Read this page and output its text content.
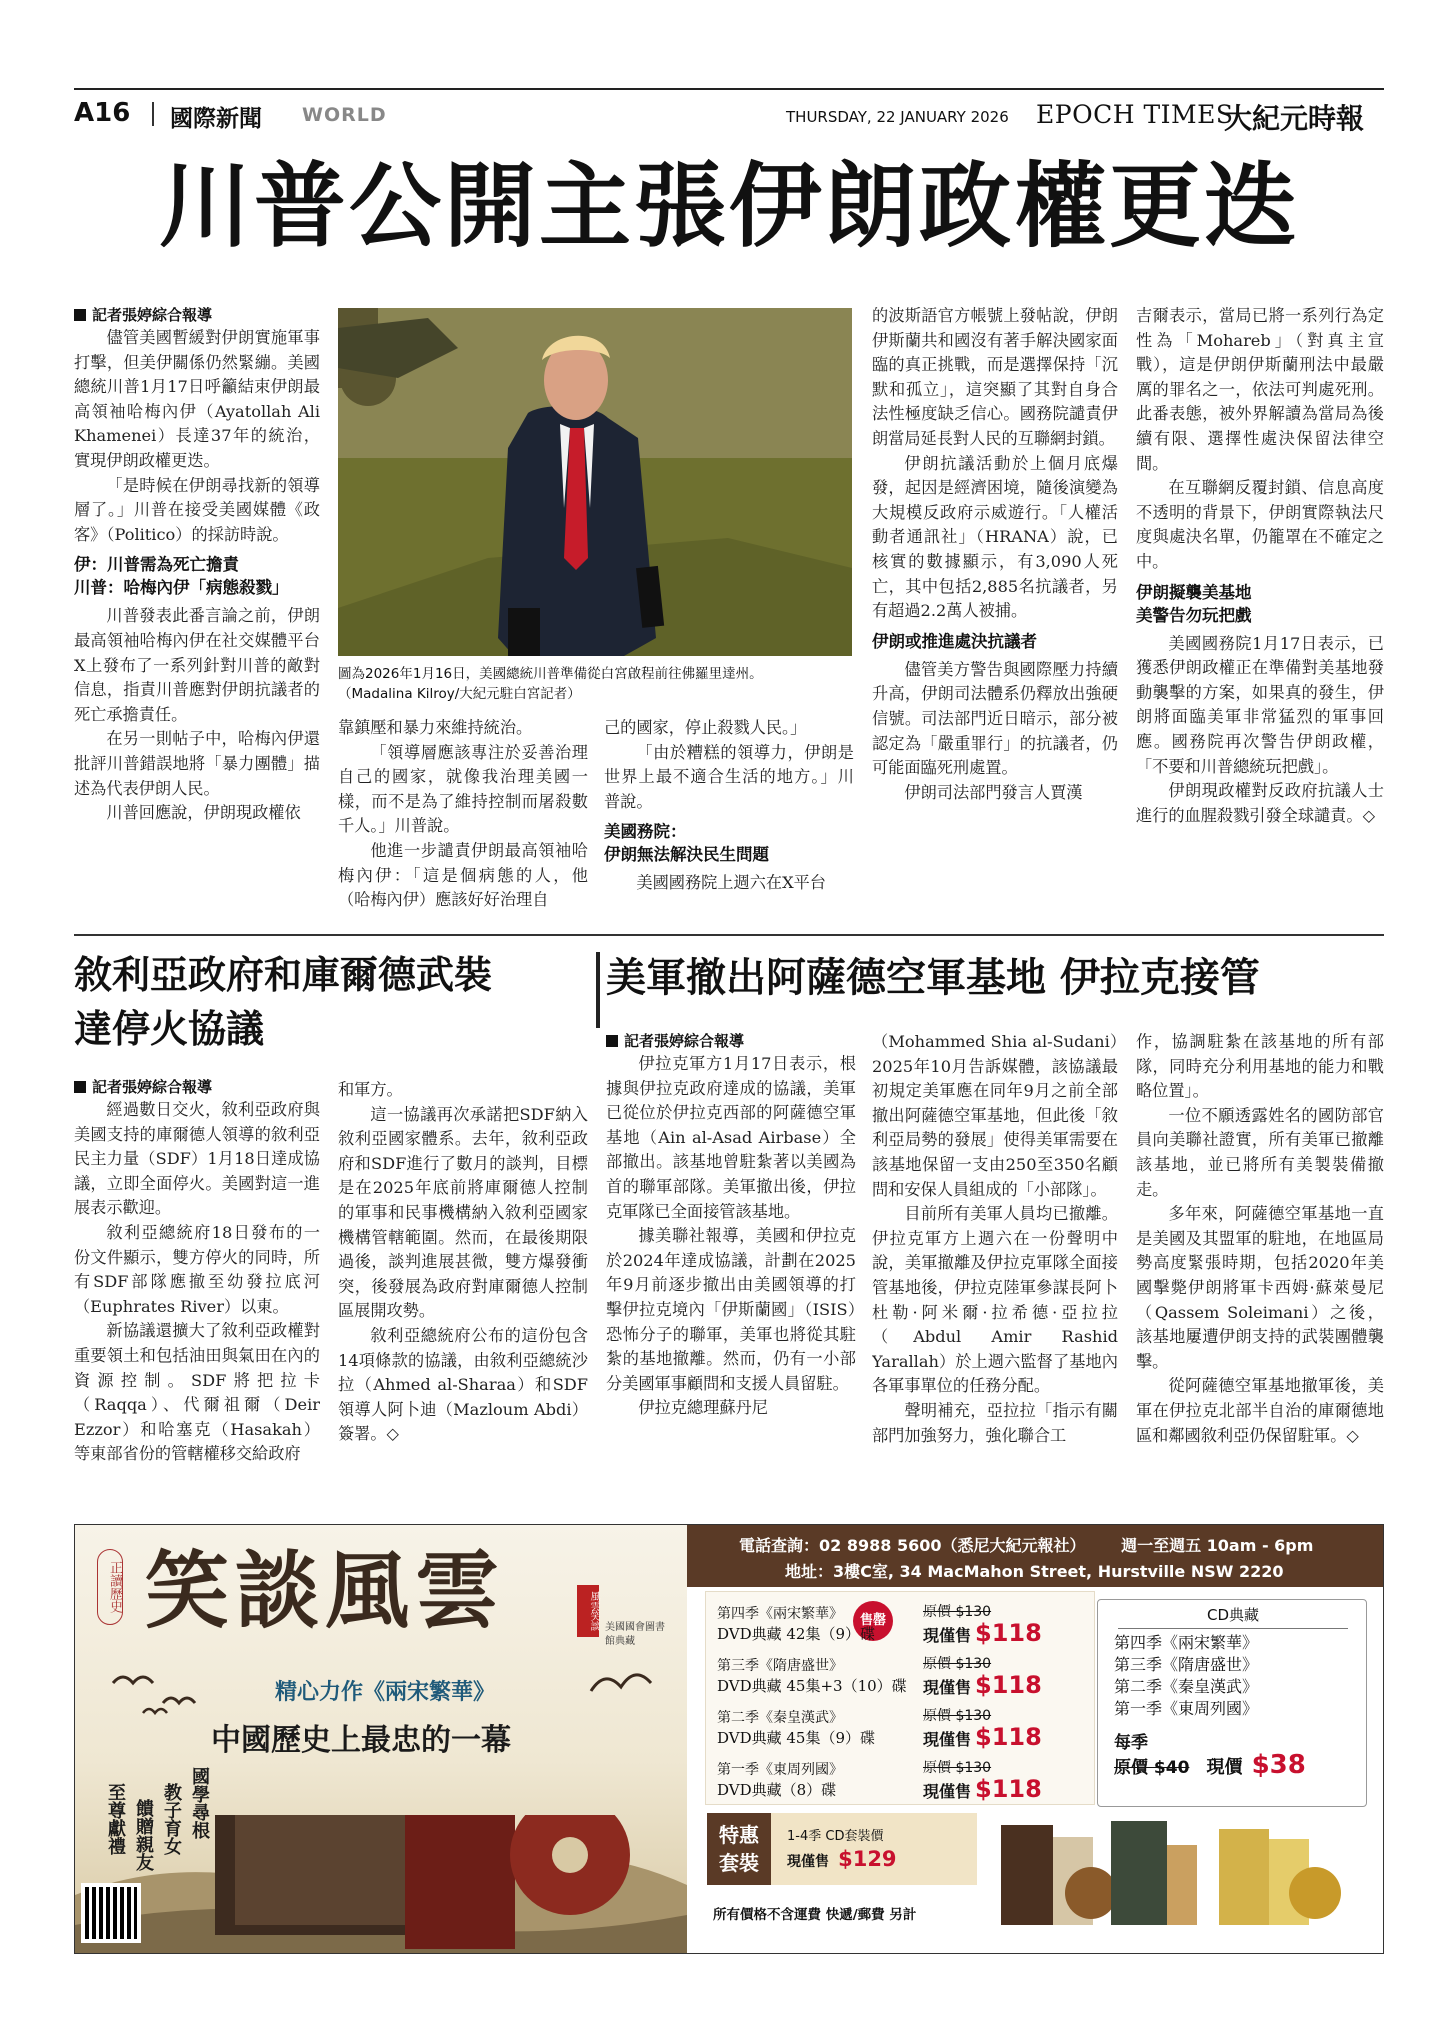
A16 國際新聞 WORLD	THURSDAY, 22 JANUARY 2026 EPOCH TIMES
大紀元時報
川普公開主張伊朗政權更迭
記者張婷綜合報導

儘管美國暫緩對伊朗實施軍事打擊，但美伊關係仍然緊繃。美國總統川普1月17日呼籲結束伊朗最高領袖哈梅內伊（Ayatollah Ali Khamenei）長達37年的統治，實現伊朗政權更迭。

「是時候在伊朗尋找新的領導層了。」川普在接受美國媒體《政客》（Politico）的採訪時說。

伊：川普需為死亡擔責
川普：哈梅內伊「病態殺戮」

川普發表此番言論之前，伊朗最高領袖哈梅內伊在社交媒體平台X上發布了一系列針對川普的敵對信息，指責川普應對伊朗抗議者的死亡承擔責任。

在另一則帖子中，哈梅內伊還批評川普錯誤地將「暴力團體」描述為代表伊朗人民。

川普回應說，伊朗現政權依

圖為2026年1月16日，美國總統川普準備從白宮啟程前往佛羅里達州。
（Madalina Kilroy/大紀元駐白宮記者）

靠鎮壓和暴力來維持統治。

「領導層應該專注於妥善治理自己的國家，就像我治理美國一樣，而不是為了維持控制而屠殺數千人。」川普說。

他進一步譴責伊朗最高領袖哈梅內伊：「這是個病態的人，他（哈梅內伊）應該好好治理自

己的國家，停止殺戮人民。」

「由於糟糕的領導力，伊朗是世界上最不適合生活的地方。」川普說。

美國務院：
伊朗無法解決民生問題

美國國務院上週六在X平台

的波斯語官方帳號上發帖說，伊朗伊斯蘭共和國沒有著手解決國家面臨的真正挑戰，而是選擇保持「沉默和孤立」，這突顯了其對自身合法性極度缺乏信心。國務院譴責伊朗當局延長對人民的互聯網封鎖。

伊朗抗議活動於上個月底爆發，起因是經濟困境，隨後演變為大規模反政府示威遊行。「人權活動者通訊社」（HRANA）說，已核實的數據顯示，有3,090人死亡，其中包括2,885名抗議者，另有超過2.2萬人被捕。

伊朗或推進處決抗議者

儘管美方警告與國際壓力持續升高，伊朗司法體系仍釋放出強硬信號。司法部門近日暗示，部分被認定為「嚴重罪行」的抗議者，仍可能面臨死刑處置。

伊朗司法部門發言人賈漢

吉爾表示，當局已將一系列行為定性為「Mohareb」（對真主宣戰），這是伊朗伊斯蘭刑法中最嚴厲的罪名之一，依法可判處死刑。此番表態，被外界解讀為當局為後續有限、選擇性處決保留法律空間。

在互聯網反覆封鎖、信息高度不透明的背景下，伊朗實際執法尺度與處決名單，仍籠罩在不確定之中。

伊朗擬襲美基地
美警告勿玩把戲

美國國務院1月17日表示，已獲悉伊朗政權正在準備對美基地發動襲擊的方案，如果真的發生，伊朗將面臨美軍非常猛烈的軍事回應。國務院再次警告伊朗政權，「不要和川普總統玩把戲」。

伊朗現政權對反政府抗議人士進行的血腥殺戮引發全球譴責。◇

敘利亞政府和庫爾德武裝
達停火協議
記者張婷綜合報導

經過數日交火，敘利亞政府與美國支持的庫爾德人領導的敘利亞民主力量（SDF）1月18日達成協議，立即全面停火。美國對這一進展表示歡迎。

敘利亞總統府18日發布的一份文件顯示，雙方停火的同時，所有SDF部隊應撤至幼發拉底河（Euphrates River）以東。

新協議還擴大了敘利亞政權對重要領土和包括油田與氣田在內的資源控制。SDF將把拉卡（Raqqa）、代爾祖爾（Deir Ezzor）和哈塞克（Hasakah）等東部省份的管轄權移交給政府

和軍方。

這一協議再次承諾把SDF納入敘利亞國家體系。去年，敘利亞政府和SDF進行了數月的談判，目標是在2025年底前將庫爾德人控制的軍事和民事機構納入敘利亞國家機構管轄範圍。然而，在最後期限過後，談判進展甚微，雙方爆發衝突，後發展為政府對庫爾德人控制區展開攻勢。

敘利亞總統府公布的這份包含14項條款的協議，由敘利亞總統沙拉（Ahmed al-Sharaa）和SDF領導人阿卜迪（Mazloum Abdi）簽署。◇

美軍撤出阿薩德空軍基地 伊拉克接管
記者張婷綜合報導

伊拉克軍方1月17日表示，根據與伊拉克政府達成的協議，美軍已從位於伊拉克西部的阿薩德空軍基地（Ain al-Asad Airbase）全部撤出。該基地曾駐紮著以美國為首的聯軍部隊。美軍撤出後，伊拉克軍隊已全面接管該基地。

據美聯社報導，美國和伊拉克於2024年達成協議，計劃在2025年9月前逐步撤出由美國領導的打擊伊拉克境內「伊斯蘭國」（ISIS）恐怖分子的聯軍，美軍也將從其駐紮的基地撤離。然而，仍有一小部分美國軍事顧問和支援人員留駐。

伊拉克總理蘇丹尼

（Mohammed Shia al-Sudani）2025年10月告訴媒體，該協議最初規定美軍應在同年9月之前全部撤出阿薩德空軍基地，但此後「敘利亞局勢的發展」使得美軍需要在該基地保留一支由250至350名顧問和安保人員組成的「小部隊」。

目前所有美軍人員均已撤離。伊拉克軍方上週六在一份聲明中說，美軍撤離及伊拉克軍隊全面接管基地後，伊拉克陸軍參謀長阿卜杜勒·阿米爾·拉希德·亞拉拉（Abdul Amir Rashid Yarallah）於上週六監督了基地內各軍事單位的任務分配。

聲明補充，亞拉拉「指示有關部門加強努力，強化聯合工

作，協調駐紮在該基地的所有部隊，同時充分利用基地的能力和戰略位置」。

一位不願透露姓名的國防部官員向美聯社證實，所有美軍已撤離該基地，並已將所有美製裝備撤走。

多年來，阿薩德空軍基地一直是美國及其盟軍的駐地，在地區局勢高度緊張時期，包括2020年美國擊斃伊朗將軍卡西姆·蘇萊曼尼（Qassem Soleimani）之後，該基地屢遭伊朗支持的武裝團體襲擊。

從阿薩德空軍基地撤軍後，美軍在伊拉克北部半自治的庫爾德地區和鄰國敘利亞仍保留駐軍。◇

正讀歷史 笑談風雲	風雲笑談 美國國會圖書館典藏
精心力作《兩宋繁華》
中國歷史上最忠的一幕
國學尋根
教子育女
饋贈親友
至尊獻禮
電話查詢：02 8988 5600（悉尼大紀元報社） 週一至週五 10am - 6pm
地址：3樓C室, 34 MacMahon Street, Hurstville NSW 2220
售罄
第四季《兩宋繁華》
DVD典藏 42集（9）碟
原價 $130
現僅售 $118
第三季《隋唐盛世》
DVD典藏 45集+3（10）碟
原價 $130
現僅售 $118
第二季《秦皇漢武》
DVD典藏 45集（9）碟
原價 $130
現僅售 $118
第一季《東周列國》
DVD典藏（8）碟
原價 $130
現僅售 $118
CD典藏
第四季《兩宋繁華》
第三季《隋唐盛世》
第二季《秦皇漢武》
第一季《東周列國》
每季
原價 $40 現價 $38
特惠
套裝
1-4季 CD套裝價
現僅售 $129
所有價格不含運費 快遞/郵費 另計
